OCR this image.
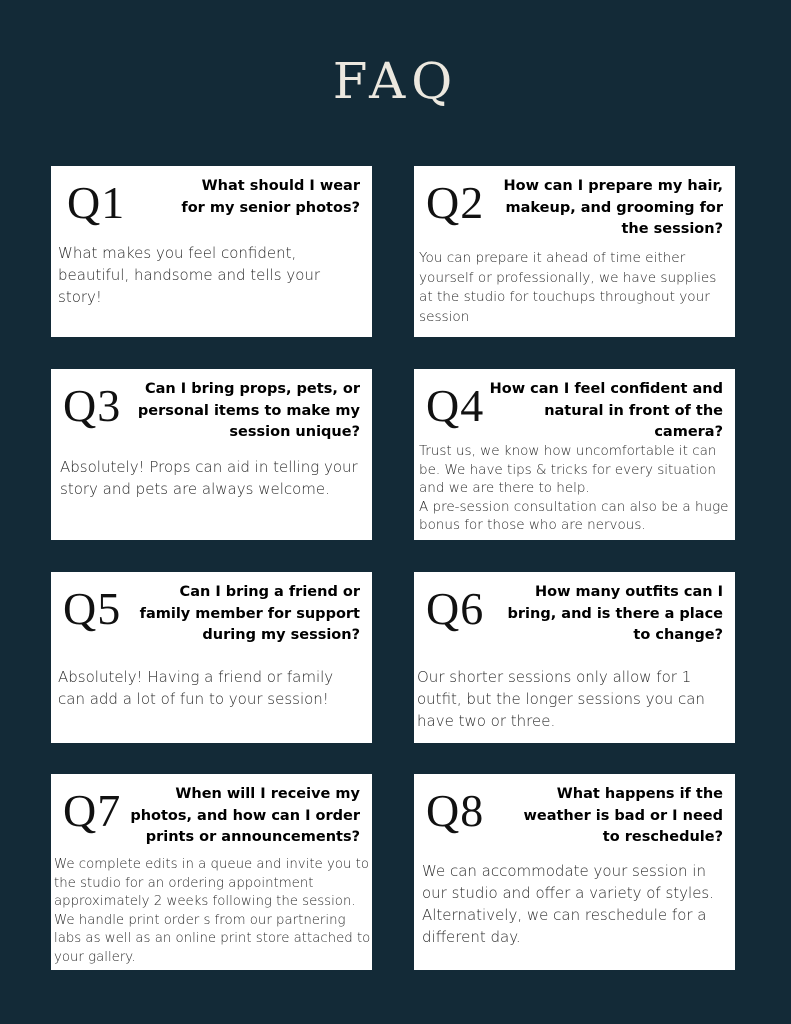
FAQ
Q1	What should I wear for my senior photos?
What makes you feel confident, beautiful, handsome and tells your story!
Q2 How can I prepare my hair, makeup, and grooming for the session?
You can prepare it ahead of time either yourself or professionally, we have supplies at the studio for touchups throughout your session
Q3	Can I bring props, pets, or personal items to make my session unique?
Absolutely! Props can aid in telling your story and pets are always welcome.
Q4 How can I feel confident and natural in front of the camera?
Trust us, we know how uncomfortable it can be. We have tips & tricks for every situation and we are there to help.
A pre-session consultation can also be a huge bonus for those who are nervous.
Q5	Can I bring a friend or family member for support during my session?
Absolutely! Having a friend or family can add a lot of fun to your session!
Q6	How many outfits can I bring, and is there a place to change?
Our shorter sessions only allow for 1 outfit, but the longer sessions you can have two or three.
Q7	When will I receive my photos, and how can I order prints or announcements?
We complete edits in a queue and invite you to the studio for an ordering appointment approximately 2 weeks following the session. We handle print order s from our partnering labs as well as an online print store attached to your gallery.
Q8	What happens if the weather is bad or I need to reschedule?
We can accommodate your session in our studio and offer a variety of styles. Alternatively, we can reschedule for a different day.
